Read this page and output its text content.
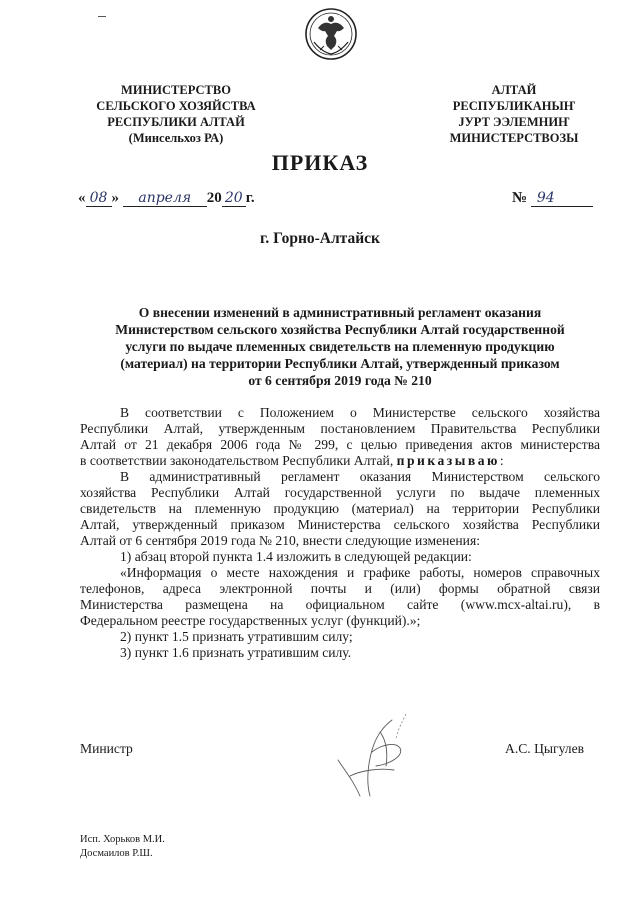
МИНИСТЕРСТВО
СЕЛЬСКОГО ХОЗЯЙСТВА
РЕСПУБЛИКИ АЛТАЙ
(Минсельхоз РА)
АЛТАЙ
РЕСПУБЛИКАНЫҤ
ЈУРТ ЭЭЛЕМНИҤ
МИНИСТЕРСТВОЗЫ
ПРИКАЗ
« 08 » апреля 20 20 г.	№ 94
г. Горно-Алтайск
О внесении изменений в административный регламент оказания
Министерством сельского хозяйства Республики Алтай государственной
услуги по выдаче племенных свидетельств на племенную продукцию
(материал) на территории Республики Алтай, утвержденный приказом
от 6 сентября 2019 года № 210
В соответствии с Положением о Министерстве сельского хозяйства
Республики Алтай, утвержденным постановлением Правительства Республики
Алтай от 21 декабря 2006 года № 299, с целью приведения актов министерства
в соответствии законодательством Республики Алтай, приказываю:
В административный регламент оказания Министерством сельского
хозяйства Республики Алтай государственной услуги по выдаче племенных
свидетельств на племенную продукцию (материал) на территории Республики
Алтай, утвержденный приказом Министерства сельского хозяйства Республики
Алтай от 6 сентября 2019 года № 210, внести следующие изменения:
1) абзац второй пункта 1.4 изложить в следующей редакции:
«Информация о месте нахождения и графике работы, номеров справочных
телефонов, адреса электронной почты и (или) формы обратной связи
Министерства размещена на официальном сайте (www.mcx-altai.ru), в
Федеральном реестре государственных услуг (функций).»;
2) пункт 1.5 признать утратившим силу;
3) пункт 1.6 признать утратившим силу.
Министр	А.С. Цыгулев
Исп. Хорьков М.И.
Досмаилов Р.Ш.
